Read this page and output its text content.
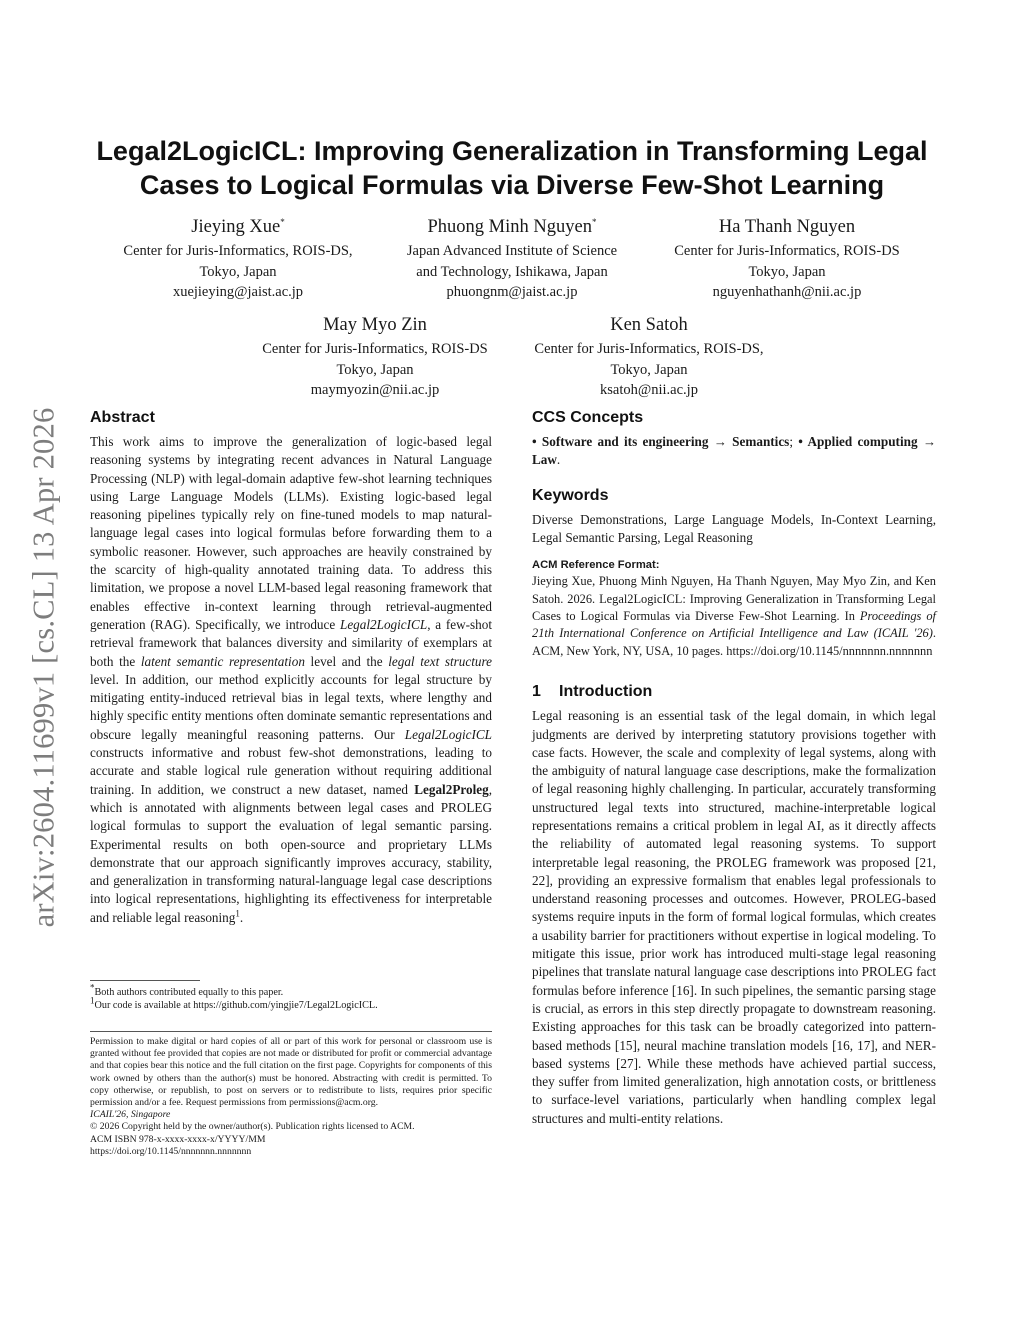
arXiv:2604.11699v1 [cs.CL] 13 Apr 2026
Legal2LogicICL: Improving Generalization in Transforming Legal
Cases to Logical Formulas via Diverse Few-Shot Learning
Jieying Xue*
Center for Juris-Informatics, ROIS-DS,
Tokyo, Japan
xuejieying@jaist.ac.jp
Phuong Minh Nguyen*
Japan Advanced Institute of Science
and Technology, Ishikawa, Japan
phuongnm@jaist.ac.jp
Ha Thanh Nguyen
Center for Juris-Informatics, ROIS-DS
Tokyo, Japan
nguyenhathanh@nii.ac.jp
May Myo Zin
Center for Juris-Informatics, ROIS-DS
Tokyo, Japan
maymyozin@nii.ac.jp
Ken Satoh
Center for Juris-Informatics, ROIS-DS,
Tokyo, Japan
ksatoh@nii.ac.jp
Abstract

This work aims to improve the generalization of logic-based legal reasoning systems by integrating recent advances in Natural Language Processing (NLP) with legal-domain adaptive few-shot learning techniques using Large Language Models (LLMs). Existing logic-based legal reasoning pipelines typically rely on fine-tuned models to map natural-language legal cases into logical formulas before forwarding them to a symbolic reasoner. However, such approaches are heavily constrained by the scarcity of high-quality annotated training data. To address this limitation, we propose a novel LLM-based legal reasoning framework that enables effective in-context learning through retrieval-augmented generation (RAG). Specifically, we introduce Legal2LogicICL, a few-shot retrieval framework that balances diversity and similarity of exemplars at both the latent semantic representation level and the legal text structure level. In addition, our method explicitly accounts for legal structure by mitigating entity-induced retrieval bias in legal texts, where lengthy and highly specific entity mentions often dominate semantic representations and obscure legally meaningful reasoning patterns. Our Legal2LogicICL constructs informative and robust few-shot demonstrations, leading to accurate and stable logical rule generation without requiring additional training. In addition, we construct a new dataset, named Legal2Proleg, which is annotated with alignments between legal cases and PROLEG logical formulas to support the evaluation of legal semantic parsing. Experimental results on both open-source and proprietary LLMs demonstrate that our approach significantly improves accuracy, stability, and generalization in transforming natural-language legal case descriptions into logical representations, highlighting its effectiveness for interpretable and reliable legal reasoning$^1$.

*Both authors contributed equally to this paper.
$^1$Our code is available at https://github.com/yingjie7/Legal2LogicICL.

Permission to make digital or hard copies of all or part of this work for personal or classroom use is granted without fee provided that copies are not made or distributed for profit or commercial advantage and that copies bear this notice and the full citation on the first page. Copyrights for components of this work owned by others than the author(s) must be honored. Abstracting with credit is permitted. To copy otherwise, or republish, to post on servers or to redistribute to lists, requires prior specific permission and/or a fee. Request permissions from permissions@acm.org.

ICAIL'26, Singapore
© 2026 Copyright held by the owner/author(s). Publication rights licensed to ACM.
ACM ISBN 978-x-xxxx-xxxx-x/YYYY/MM
https://doi.org/10.1145/nnnnnnn.nnnnnnn
CCS Concepts

• Software and its engineering → Semantics; • Applied computing → Law.

Keywords

Diverse Demonstrations, Large Language Models, In-Context Learning, Legal Semantic Parsing, Legal Reasoning

ACM Reference Format:

Jieying Xue, Phuong Minh Nguyen, Ha Thanh Nguyen, May Myo Zin, and Ken Satoh. 2026. Legal2LogicICL: Improving Generalization in Transforming Legal Cases to Logical Formulas via Diverse Few-Shot Learning. In Proceedings of 21th International Conference on Artificial Intelligence and Law (ICAIL '26). ACM, New York, NY, USA, 10 pages. https://doi.org/10.1145/nnnnnnn.nnnnnnn

1 Introduction

Legal reasoning is an essential task of the legal domain, in which legal judgments are derived by interpreting statutory provisions together with case facts. However, the scale and complexity of legal systems, along with the ambiguity of natural language case descriptions, make the formalization of legal reasoning highly challenging. In particular, accurately transforming unstructured legal texts into structured, machine-interpretable logical representations remains a critical problem in legal AI, as it directly affects the reliability of automated legal reasoning systems. To support interpretable legal reasoning, the PROLEG framework was proposed [21, 22], providing an expressive formalism that enables legal professionals to understand reasoning processes and outcomes. However, PROLEG-based systems require inputs in the form of formal logical formulas, which creates a usability barrier for practitioners without expertise in logical modeling. To mitigate this issue, prior work has introduced multi-stage legal reasoning pipelines that translate natural language case descriptions into PROLEG fact formulas before inference [16]. In such pipelines, the semantic parsing stage is crucial, as errors in this step directly propagate to downstream reasoning. Existing approaches for this task can be broadly categorized into pattern-based methods [15], neural machine translation models [16, 17], and NER-based systems [27]. While these methods have achieved partial success, they suffer from limited generalization, high annotation costs, or brittleness to surface-level variations, particularly when handling complex legal structures and multi-entity relations.
